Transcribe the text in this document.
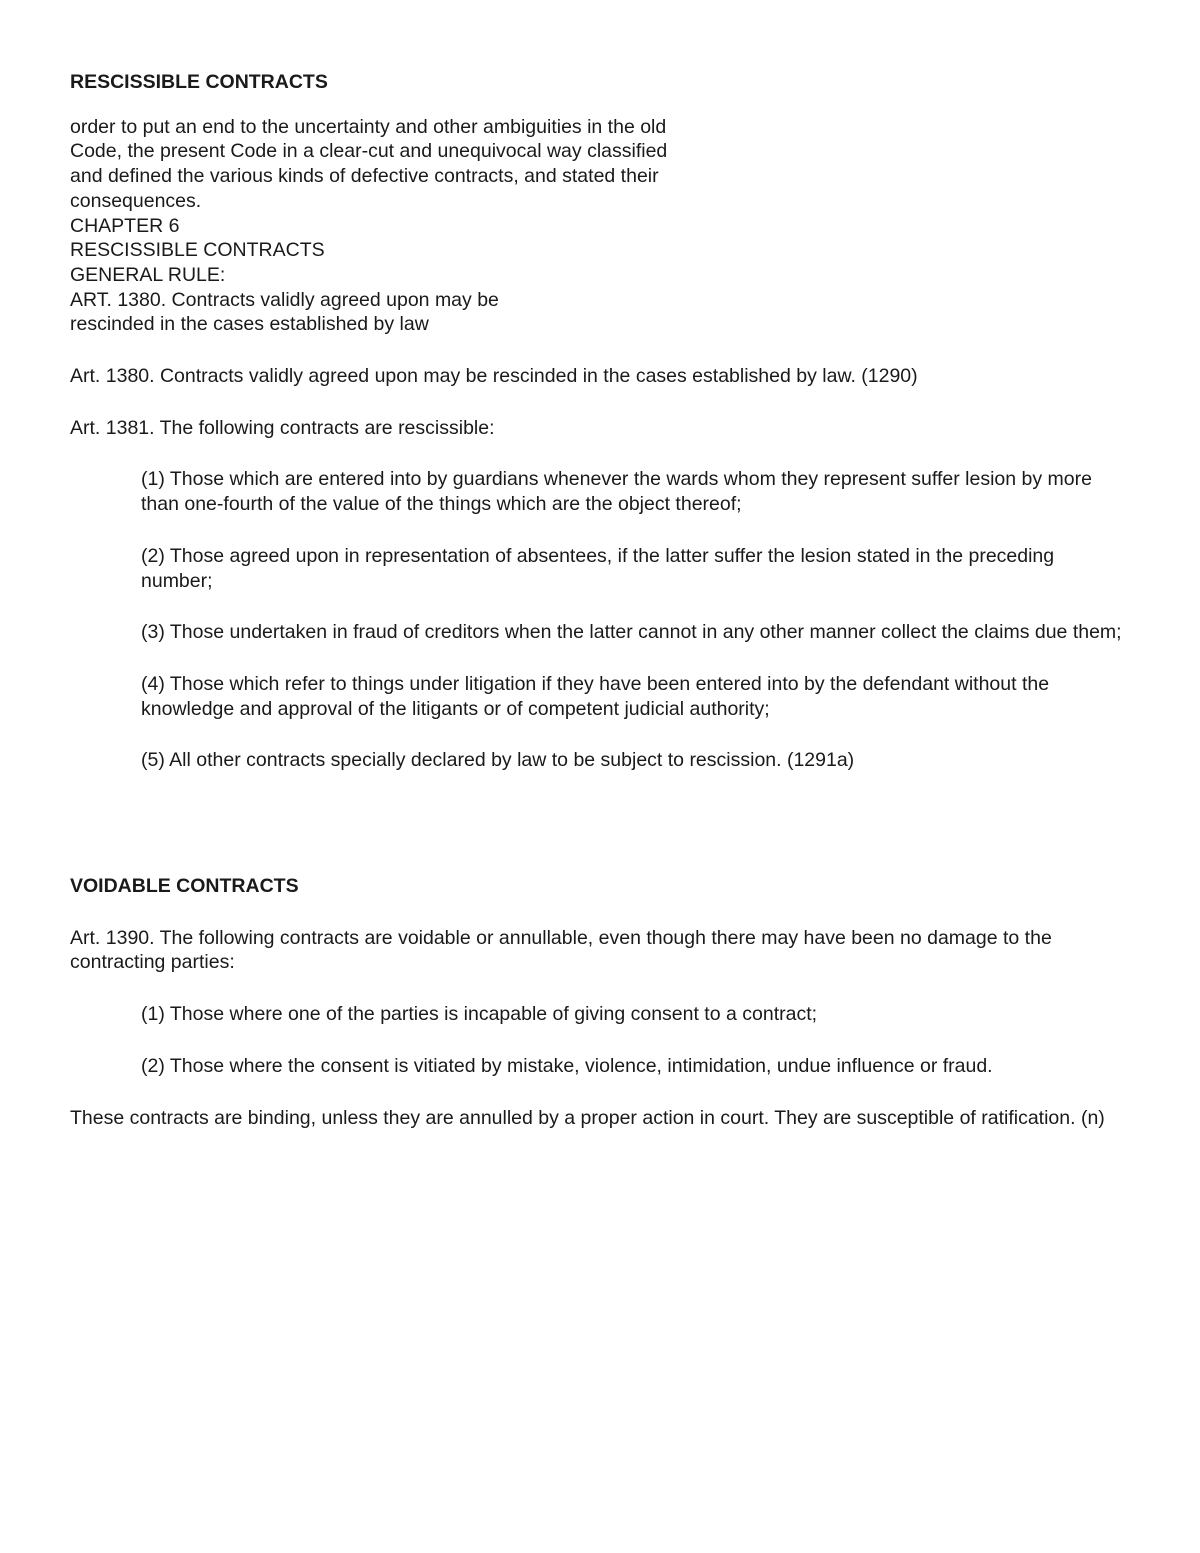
RESCISSIBLE CONTRACTS
order to put an end to the uncertainty and other ambiguities in the old
Code, the present Code in a clear-cut and unequivocal way classified
and defined the various kinds of defective contracts, and stated their
consequences.
CHAPTER 6
RESCISSIBLE CONTRACTS
GENERAL RULE:
ART. 1380. Contracts validly agreed upon may be
rescinded in the cases established by law

Art. 1380. Contracts validly agreed upon may be rescinded in the cases established by law. (1290)

Art. 1381. The following contracts are rescissible:

(1) Those which are entered into by guardians whenever the wards whom they represent suffer lesion by more than one-fourth of the value of the things which are the object thereof;

(2) Those agreed upon in representation of absentees, if the latter suffer the lesion stated in the preceding number;

(3) Those undertaken in fraud of creditors when the latter cannot in any other manner collect the claims due them;

(4) Those which refer to things under litigation if they have been entered into by the defendant without the knowledge and approval of the litigants or of competent judicial authority;

(5) All other contracts specially declared by law to be subject to rescission. (1291a)

VOIDABLE CONTRACTS

Art. 1390. The following contracts are voidable or annullable, even though there may have been no damage to the contracting parties:

(1) Those where one of the parties is incapable of giving consent to a contract;

(2) Those where the consent is vitiated by mistake, violence, intimidation, undue influence or fraud.

These contracts are binding, unless they are annulled by a proper action in court. They are susceptible of ratification. (n)
